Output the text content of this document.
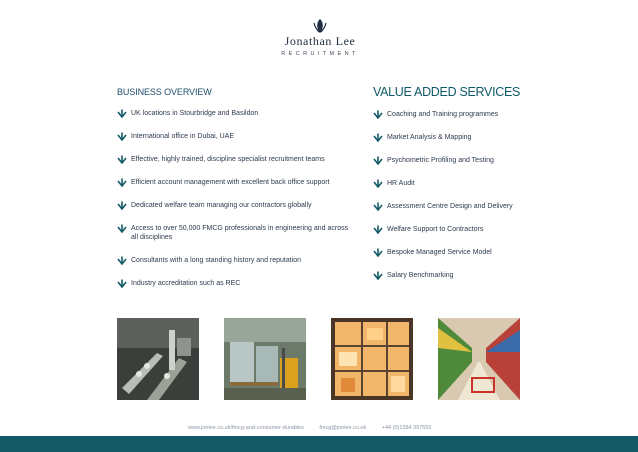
Jonathan Lee
RECRUITMENT
BUSINESS OVERVIEW
UK locations in Stourbridge and Basildon
International office in Dubai, UAE
Effective, highly trained, discipline specialist recruitment teams
Efficient account management with excellent back office support
Dedicated welfare team managing our contractors globally
Access to over 50,000 FMCG professionals in engineering and across all disciplines
Consultants with a long standing history and reputation
Industry accreditation such as REC
VALUE ADDED SERVICES
Coaching and Training programmes
Market Analysis & Mapping
Psychometric Profiling and Testing
HR Audit
Assessment Centre Design and Delivery
Welfare Support to Contractors
Bespoke Managed Service Model
Salary Benchmarking
www.jonlee.co.uk/fmcg-and-consumer-durables	fmcg@jonlee.co.uk	+44 (0)1384 397555
